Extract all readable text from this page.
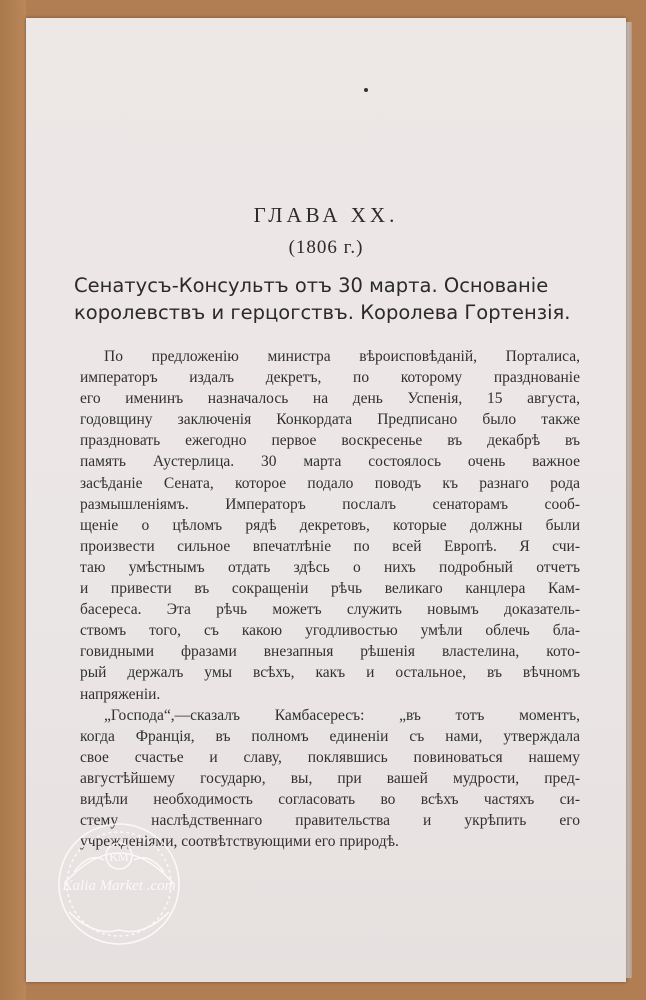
ГЛАВА XX.
(1806 г.)
Сенатусъ-Консультъ отъ 30 марта. Основаніе
королевствъ и герцогствъ. Королева Гортензія.
По предложенію министра вѣроисповѣданій, Порталиса,
императоръ издалъ декретъ, по которому празднованіе
его именинъ назначалось на день Успенія, 15 августа,
годовщину заключенія Конкордата Предписано было также
праздновать ежегодно первое воскресенье въ декабрѣ въ
память Аустерлица. 30 марта состоялось очень важное
засѣданіе Сената, которое подало поводъ къ разнаго рода
размышленіямъ. Императоръ послалъ сенаторамъ сооб-
щеніе о цѣломъ рядѣ декретовъ, которые должны были
произвести сильное впечатлѣніе по всей Европѣ. Я счи-
таю умѣстнымъ отдать здѣсь о нихъ подробный отчетъ
и привести въ сокращеніи рѣчь великаго канцлера Кам-
басереса. Эта рѣчь можетъ служить новымъ доказатель-
ствомъ того, съ какою угодливостью умѣли облечь бла-
говидными фразами внезапныя рѣшенія властелина, кото-
рый держалъ умы всѣхъ, какъ и остальное, въ вѣчномъ
напряженіи.
„Господа“,—сказалъ Камбасересъ: „въ тотъ моментъ,
когда Франція, въ полномъ единеніи съ нами, утверждала
свое счастье и славу, поклявшись повиноваться нашему
августѣйшему государю, вы, при вашей мудрости, пред-
видѣли необходимость согласовать во всѣхъ частяхъ си-
стему наслѣдственнаго правительства и укрѣпить его
учрежденіями, соотвѣтствующими его природѣ.
KM
Kalia Market .com
